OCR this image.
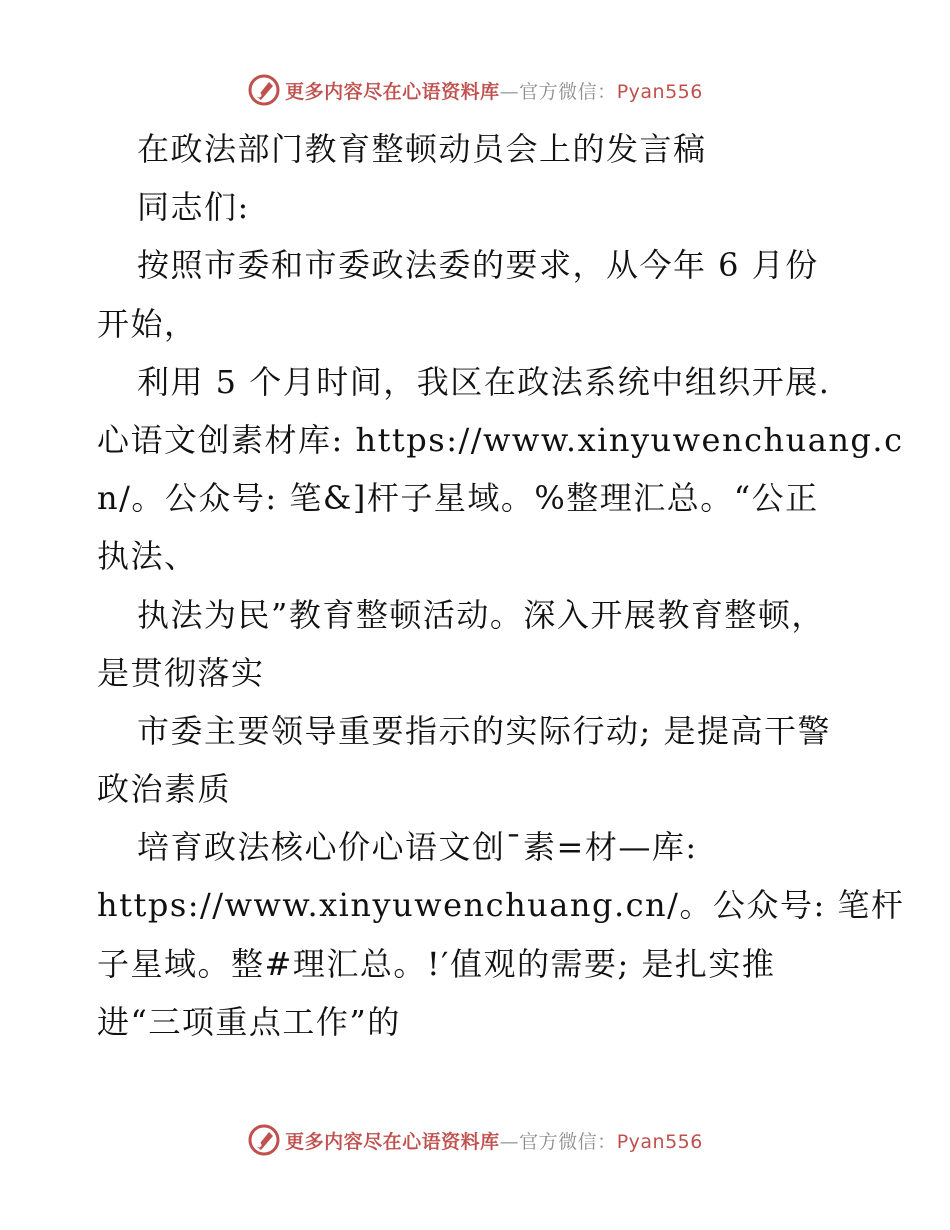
更多内容尽在心语资料库—官方微信：Pyan556
在政法部门教育整顿动员会上的发言稿
同志们:
按照市委和市委政法委的要求，从今年 6 月份
开始，
利用 5 个月时间，我区在政法系统中组织开展.
心语文创素材库: https://www.xinyuwenchuang.c
n/。公众号: 笔&]杆子星域。%整理汇总。“公正
执法、
执法为民”教育整顿活动。深入开展教育整顿，
是贯彻落实
市委主要领导重要指示的实际行动; 是提高干警
政治素质
培育政法核心价心语文创¯素=材—库:
https://www.xinyuwenchuang.cn/。公众号: 笔杆
子星域。整#理汇总。!′值观的需要; 是扎实推
进“三项重点工作”的
更多内容尽在心语资料库—官方微信：Pyan556
